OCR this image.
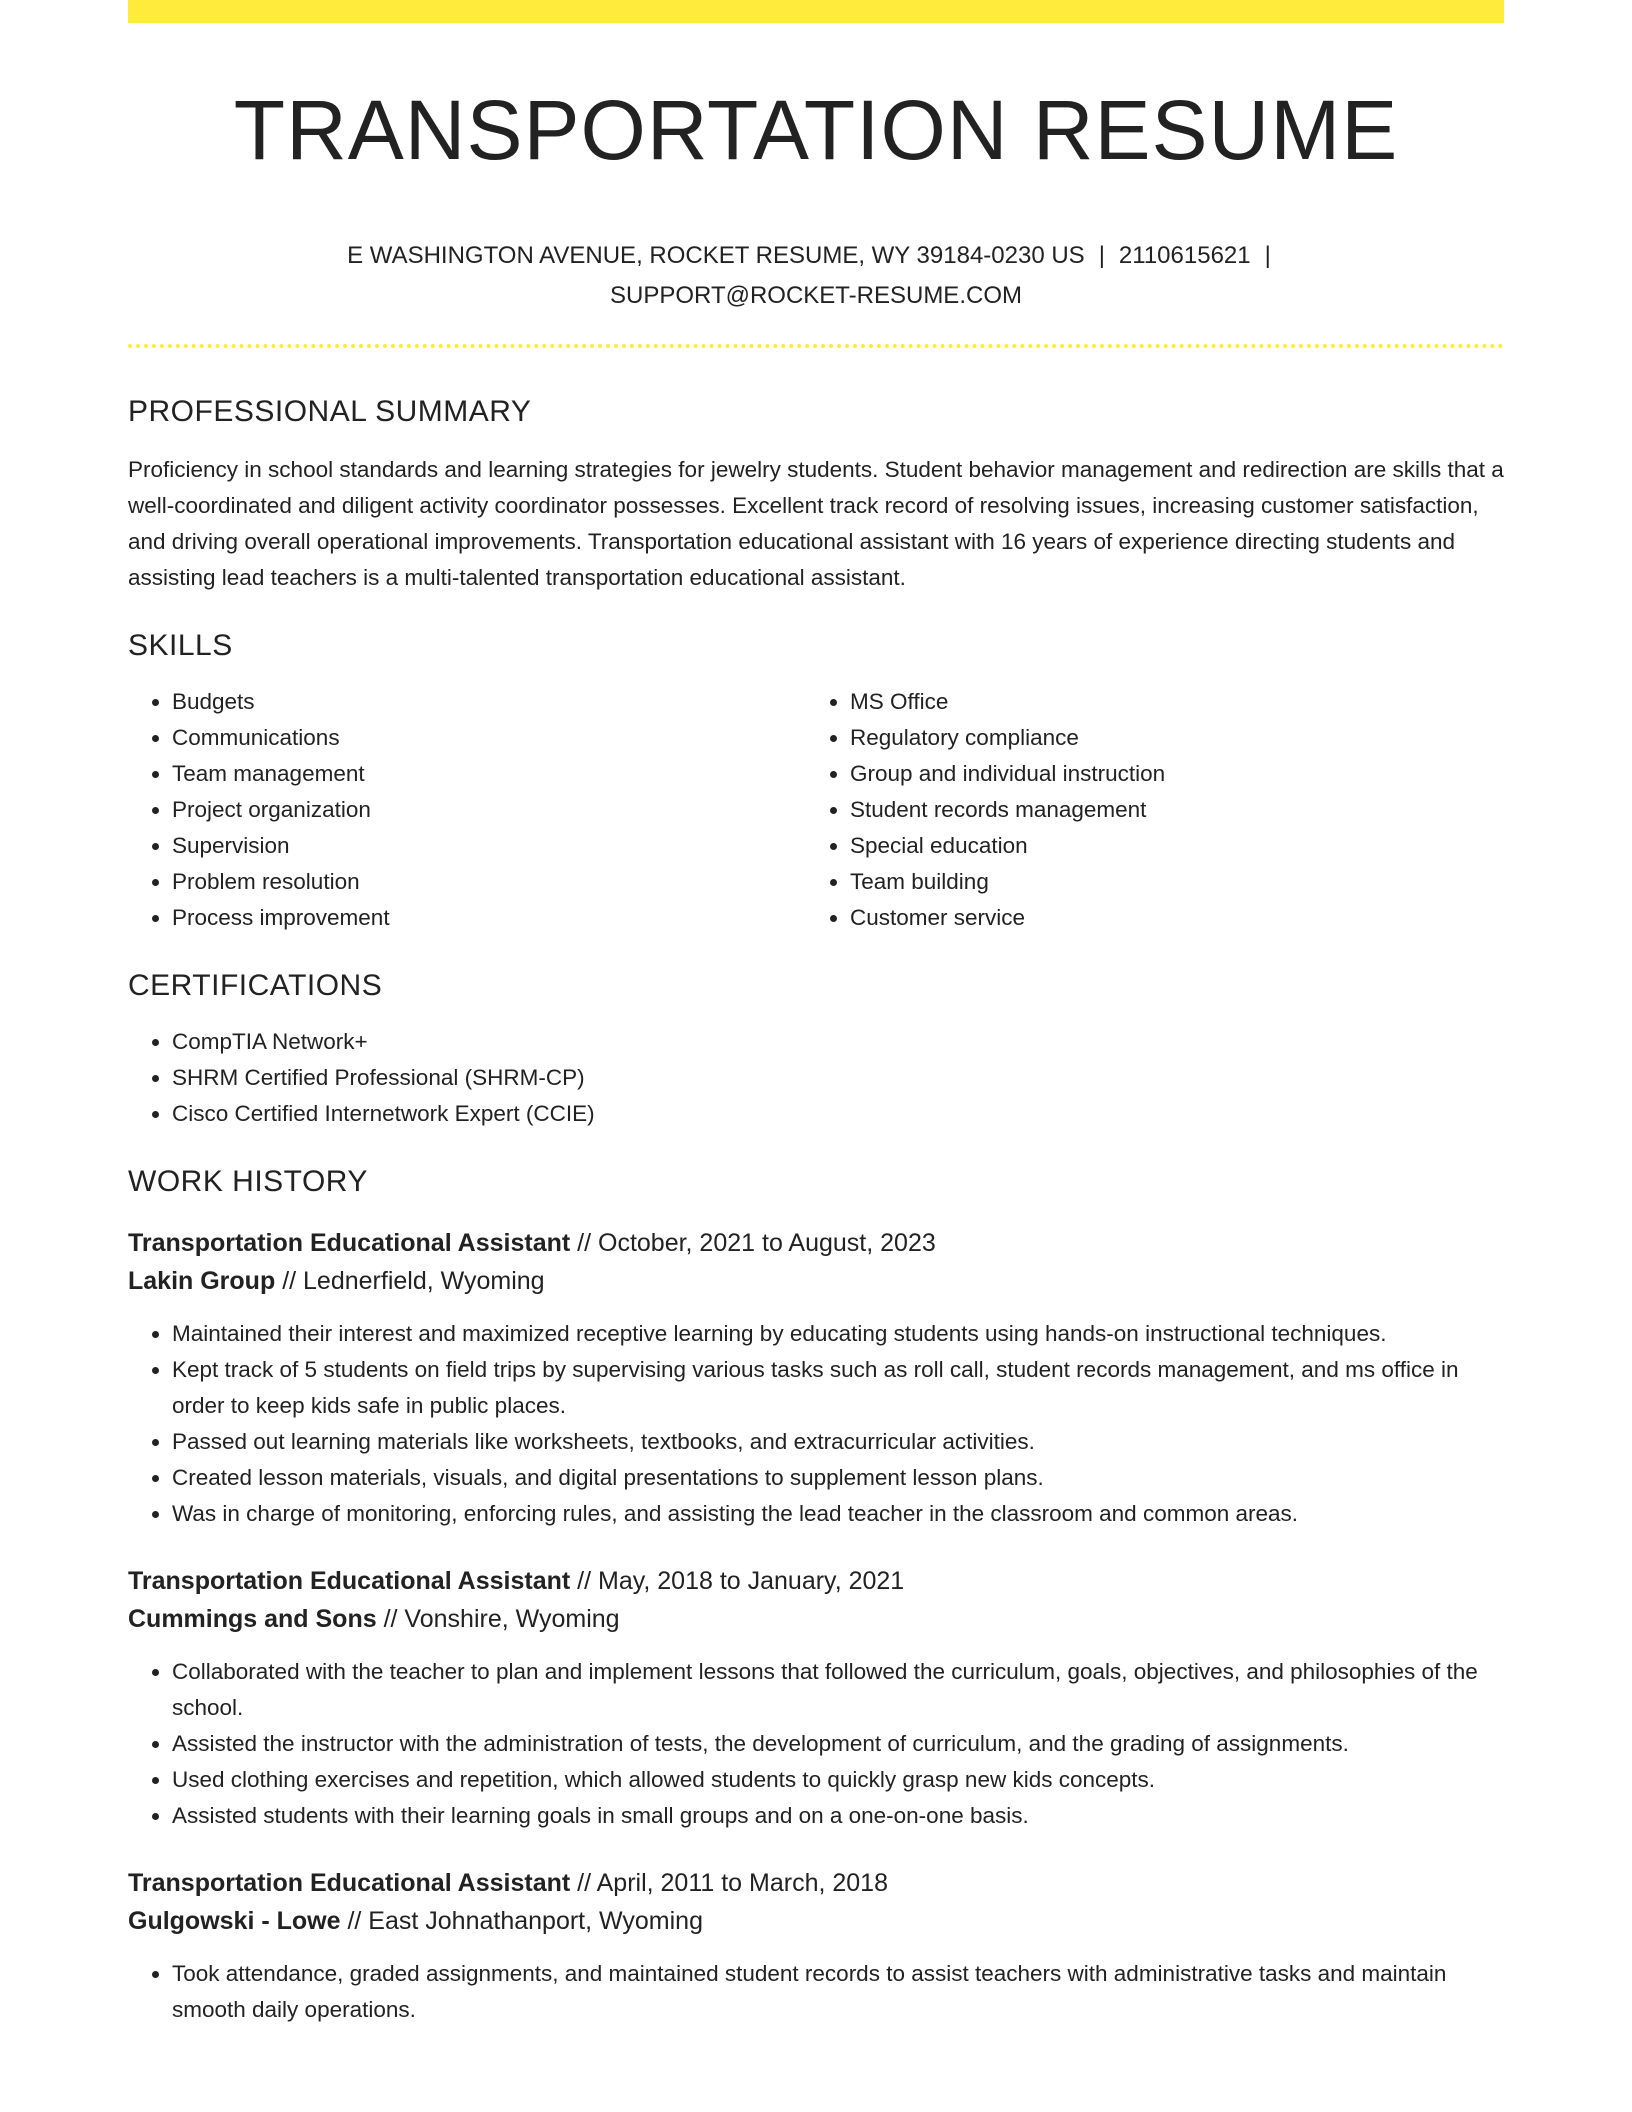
TRANSPORTATION RESUME
E WASHINGTON AVENUE, ROCKET RESUME, WY 39184-0230 US | 2110615621 |
SUPPORT@ROCKET-RESUME.COM
PROFESSIONAL SUMMARY

Proficiency in school standards and learning strategies for jewelry students. Student behavior management and redirection are skills that a well-coordinated and diligent activity coordinator possesses. Excellent track record of resolving issues, increasing customer satisfaction, and driving overall operational improvements. Transportation educational assistant with 16 years of experience directing students and assisting lead teachers is a multi-talented transportation educational assistant.

SKILLS
• Budgets
• Communications
• Team management
• Project organization
• Supervision
• Problem resolution
• Process improvement
• MS Office
• Regulatory compliance
• Group and individual instruction
• Student records management
• Special education
• Team building
• Customer service
CERTIFICATIONS
• CompTIA Network+
• SHRM Certified Professional (SHRM-CP)
• Cisco Certified Internetwork Expert (CCIE)
WORK HISTORY
Transportation Educational Assistant // October, 2021 to August, 2023
Lakin Group // Lednerfield, Wyoming
• Maintained their interest and maximized receptive learning by educating students using hands-on instructional techniques.
• Kept track of 5 students on field trips by supervising various tasks such as roll call, student records management, and ms office in order to keep kids safe in public places.
• Passed out learning materials like worksheets, textbooks, and extracurricular activities.
• Created lesson materials, visuals, and digital presentations to supplement lesson plans.
• Was in charge of monitoring, enforcing rules, and assisting the lead teacher in the classroom and common areas.
Transportation Educational Assistant // May, 2018 to January, 2021
Cummings and Sons // Vonshire, Wyoming
• Collaborated with the teacher to plan and implement lessons that followed the curriculum, goals, objectives, and philosophies of the school.
• Assisted the instructor with the administration of tests, the development of curriculum, and the grading of assignments.
• Used clothing exercises and repetition, which allowed students to quickly grasp new kids concepts.
• Assisted students with their learning goals in small groups and on a one-on-one basis.
Transportation Educational Assistant // April, 2011 to March, 2018
Gulgowski - Lowe // East Johnathanport, Wyoming
• Took attendance, graded assignments, and maintained student records to assist teachers with administrative tasks and maintain smooth daily operations.
